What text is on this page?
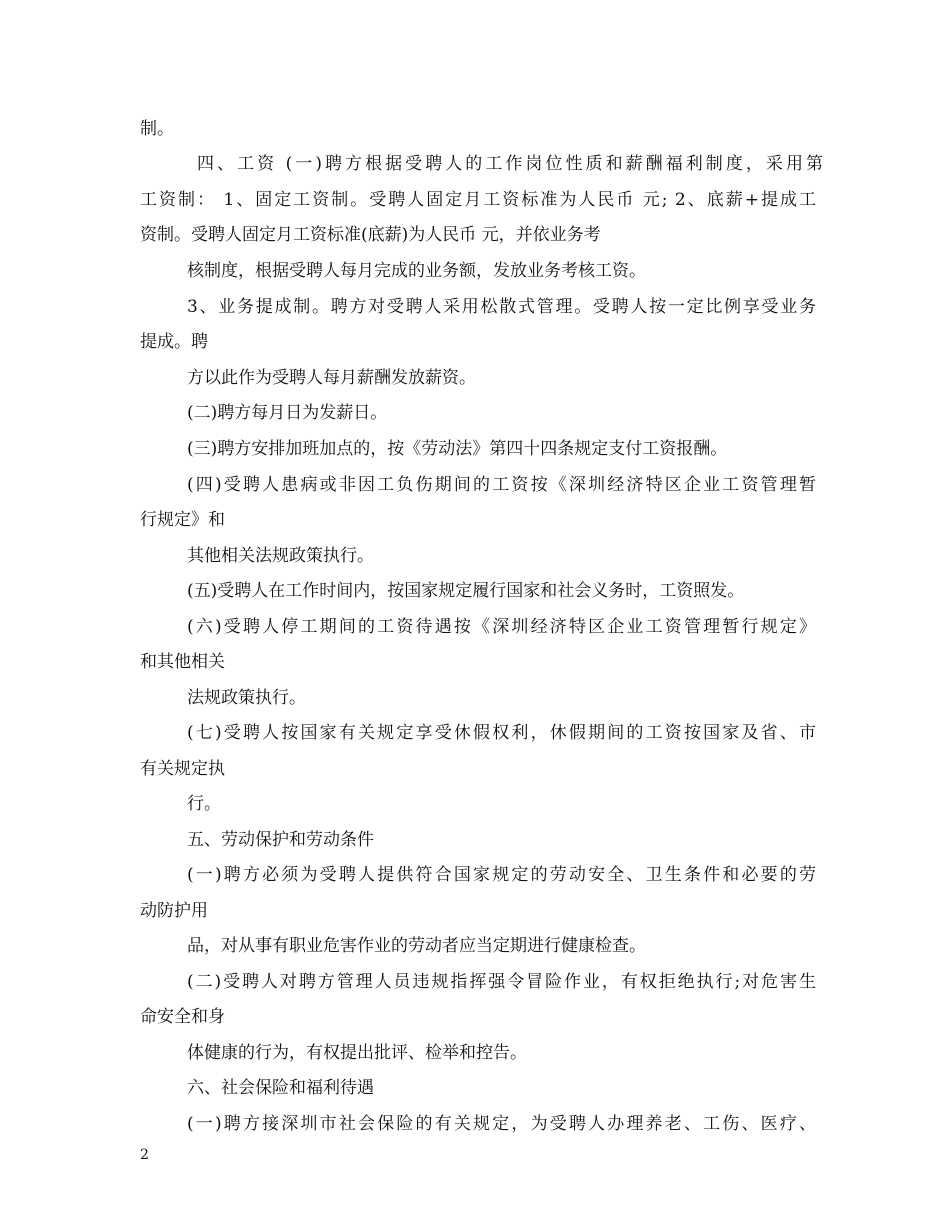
制。
四、工资 (一)聘方根据受聘人的工作岗位性质和薪酬福利制度，采用第
工资制： 1、固定工资制。受聘人固定月工资标准为人民币 元; 2、底薪+提成工
资制。受聘人固定月工资标准(底薪)为人民币 元，并依业务考
核制度，根据受聘人每月完成的业务额，发放业务考核工资。
3、业务提成制。聘方对受聘人采用松散式管理。受聘人按一定比例享受业务
提成。聘
方以此作为受聘人每月薪酬发放薪资。
(二)聘方每月日为发薪日。
(三)聘方安排加班加点的，按《劳动法》第四十四条规定支付工资报酬。
(四)受聘人患病或非因工负伤期间的工资按《深圳经济特区企业工资管理暂
行规定》和
其他相关法规政策执行。
(五)受聘人在工作时间内，按国家规定履行国家和社会义务时，工资照发。
(六)受聘人停工期间的工资待遇按《深圳经济特区企业工资管理暂行规定》
和其他相关
法规政策执行。
(七)受聘人按国家有关规定享受休假权利，休假期间的工资按国家及省、市
有关规定执
行。
五、劳动保护和劳动条件
(一)聘方必须为受聘人提供符合国家规定的劳动安全、卫生条件和必要的劳
动防护用
品，对从事有职业危害作业的劳动者应当定期进行健康检查。
(二)受聘人对聘方管理人员违规指挥强令冒险作业，有权拒绝执行;对危害生
命安全和身
体健康的行为，有权提出批评、检举和控告。
六、社会保险和福利待遇
(一)聘方接深圳市社会保险的有关规定，为受聘人办理养老、工伤、医疗、
2
